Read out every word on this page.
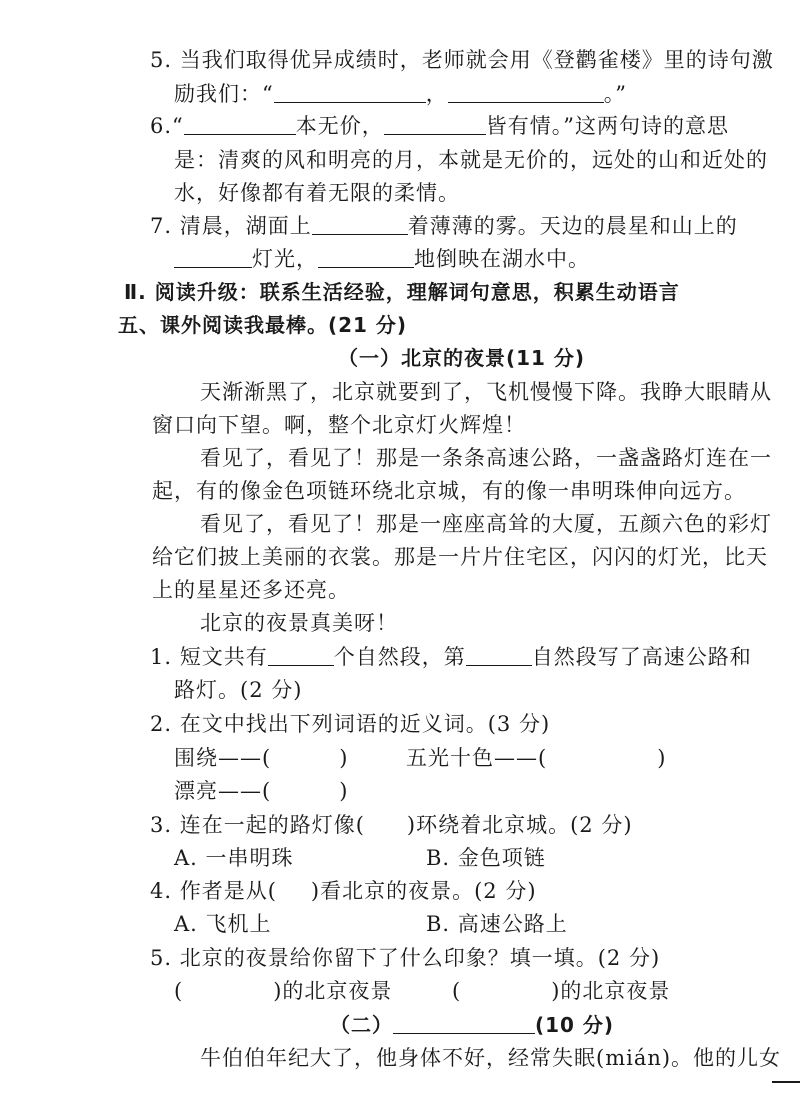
5. 当我们取得优异成绩时，老师就会用《登鹳雀楼》里的诗句激
励我们：“	，	。”
6.“	本无价，	皆有情。”这两句诗的意思
是：清爽的风和明亮的月，本就是无价的，远处的山和近处的
水，好像都有着无限的柔情。
7. 清晨，湖面上	着薄薄的雾。天边的晨星和山上的
灯光，	地倒映在湖水中。
Ⅱ. 阅读升级：联系生活经验，理解词句意思，积累生动语言
五、课外阅读我最棒。(21 分)
（一）北京的夜景(11 分)
天渐渐黑了，北京就要到了，飞机慢慢下降。我睁大眼睛从
窗口向下望。啊，整个北京灯火辉煌！
看见了，看见了！那是一条条高速公路，一盏盏路灯连在一
起，有的像金色项链环绕北京城，有的像一串明珠伸向远方。
看见了，看见了！那是一座座高耸的大厦，五颜六色的彩灯
给它们披上美丽的衣裳。那是一片片住宅区，闪闪的灯光，比天
上的星星还多还亮。
北京的夜景真美呀！
1. 短文共有	个自然段，第	自然段写了高速公路和
路灯。(2 分)
2. 在文中找出下列词语的近义词。(3 分)
围绕——(	)	五光十色——(	)
漂亮——(	)
3. 连在一起的路灯像( )环绕着北京城。(2 分)
A. 一串明珠	B. 金色项链
4. 作者是从( )看北京的夜景。(2 分)
A. 飞机上	B. 高速公路上
5. 北京的夜景给你留下了什么印象？填一填。(2 分)
(	)的北京夜景	(	)的北京夜景
（二）	(10 分)
牛伯伯年纪大了，他身体不好，经常失眠(mián)。他的儿女
